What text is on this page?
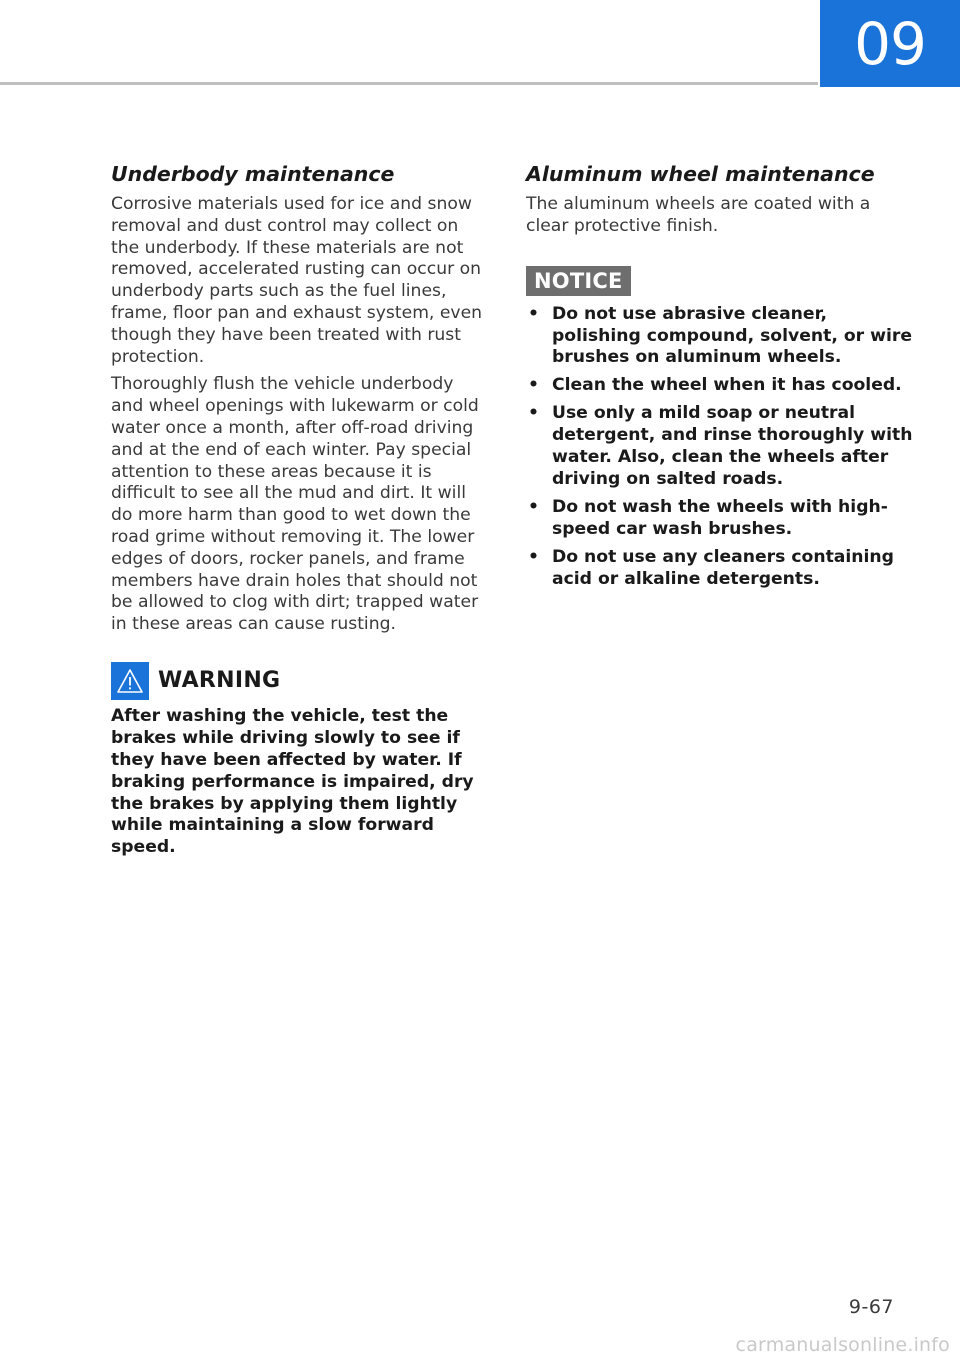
09
Underbody maintenance

Corrosive materials used for ice and snow removal and dust control may collect on the underbody. If these materials are not removed, accelerated rusting can occur on underbody parts such as the fuel lines, frame, floor pan and exhaust system, even though they have been treated with rust protection.

Thoroughly flush the vehicle underbody and wheel openings with lukewarm or cold water once a month, after off-road driving and at the end of each winter. Pay special attention to these areas because it is difficult to see all the mud and dirt. It will do more harm than good to wet down the road grime without removing it. The lower edges of doors, rocker panels, and frame members have drain holes that should not be allowed to clog with dirt; trapped water in these areas can cause rusting.

WARNING

After washing the vehicle, test the brakes while driving slowly to see if they have been affected by water. If braking performance is impaired, dry the brakes by applying them lightly while maintaining a slow forward speed.

Aluminum wheel maintenance

The aluminum wheels are coated with a clear protective finish.

NOTICE
• Do not use abrasive cleaner, polishing compound, solvent, or wire brushes on aluminum wheels.
• Clean the wheel when it has cooled.
• Use only a mild soap or neutral detergent, and rinse thoroughly with water. Also, clean the wheels after driving on salted roads.
• Do not wash the wheels with high-speed car wash brushes.
• Do not use any cleaners containing acid or alkaline detergents.
9-67
carmanualsonline.info
